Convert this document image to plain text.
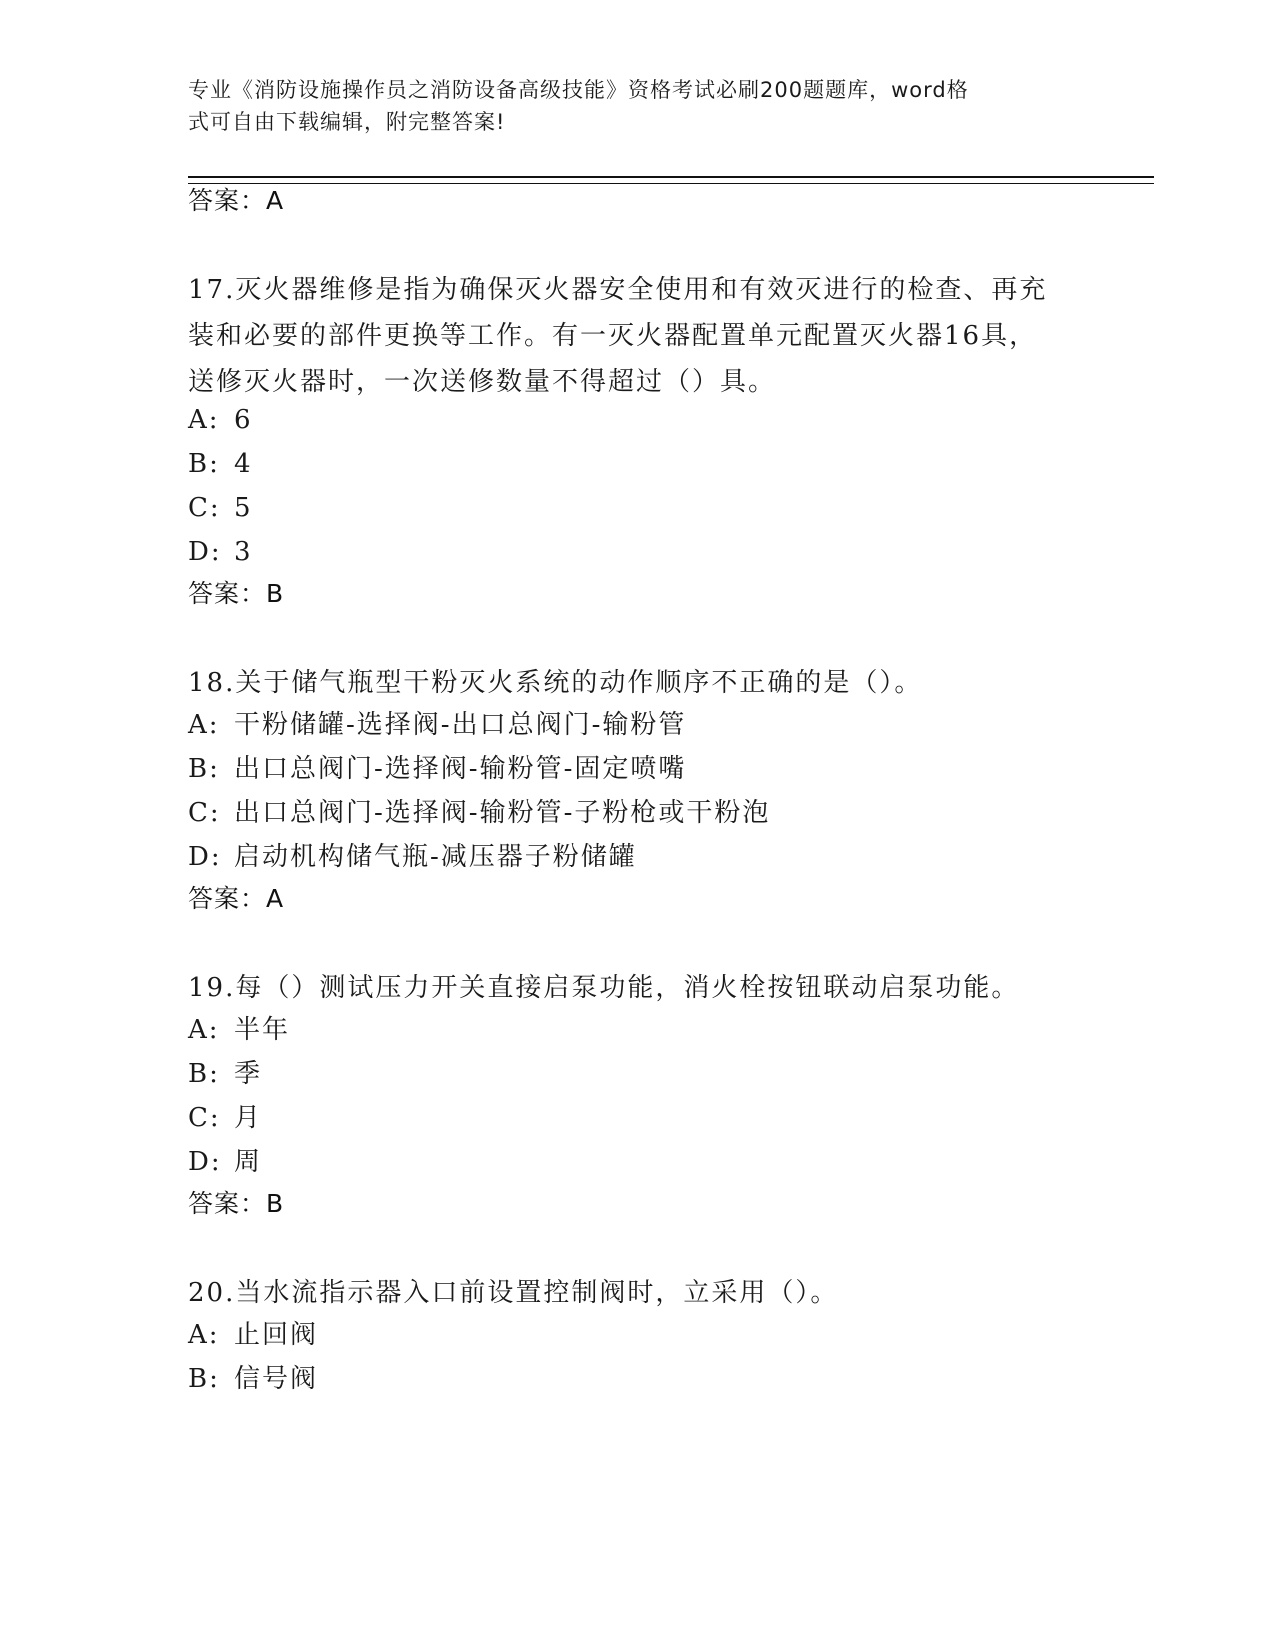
专业《消防设施操作员之消防设备高级技能》资格考试必刷200题题库，word格
式可自由下载编辑，附完整答案!
答案：A
17.灭火器维修是指为确保灭火器安全使用和有效灭进行的检查、再充
装和必要的部件更换等工作。有一灭火器配置单元配置灭火器16具，
送修灭火器时，一次送修数量不得超过（）具。
A: 6
B: 4
C: 5
D: 3
答案：B
18.关于储气瓶型干粉灭火系统的动作顺序不正确的是（）。
A: 干粉储罐-选择阀-出口总阀门-输粉管
B: 出口总阀门-选择阀-输粉管-固定喷嘴
C: 出口总阀门-选择阀-输粉管-子粉枪或干粉泡
D: 启动机构储气瓶-减压器子粉储罐
答案：A
19.每（）测试压力开关直接启泵功能，消火栓按钮联动启泵功能。
A: 半年
B: 季
C: 月
D: 周
答案：B
20.当水流指示器入口前设置控制阀时，立采用（）。
A: 止回阀
B: 信号阀
